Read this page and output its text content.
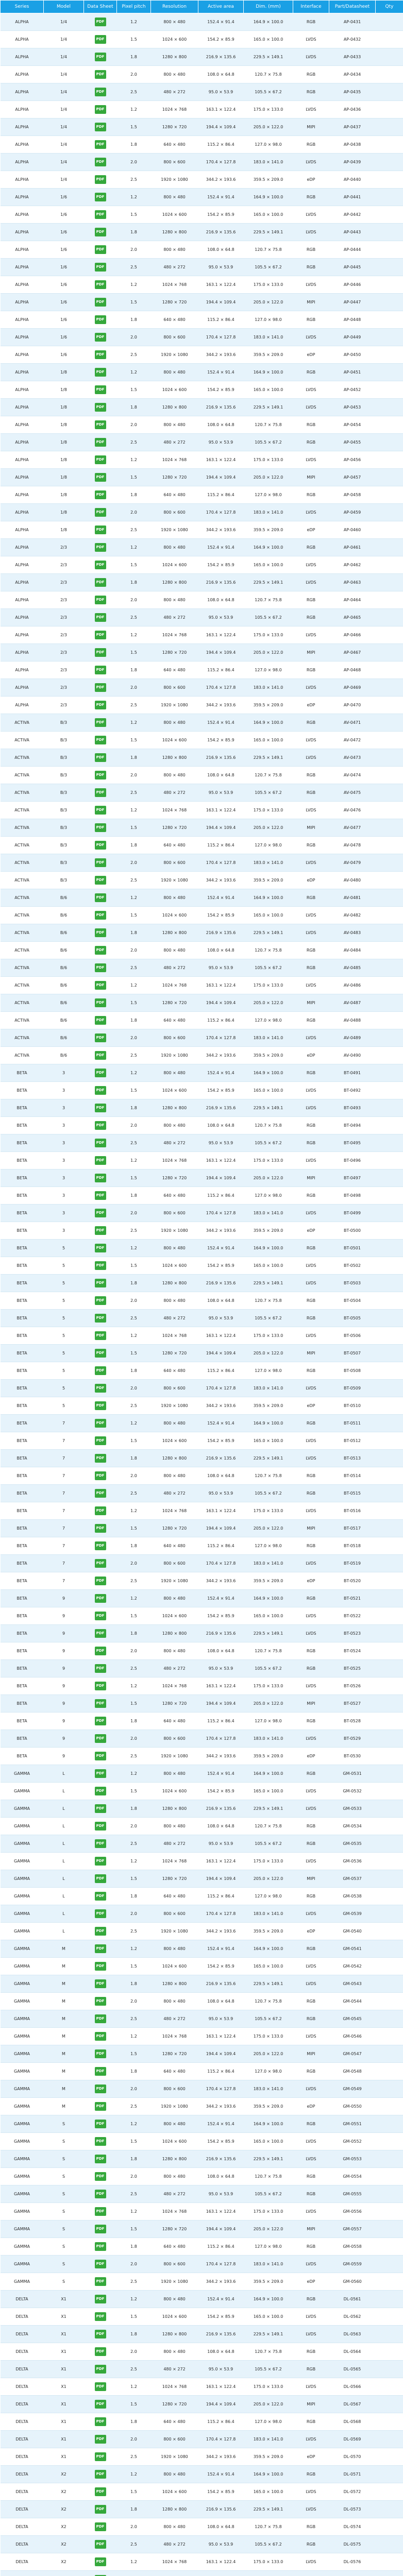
Series	Model	Data Sheet	Pixel pitch	Resolution	Active area	Dim. (mm)	Interface	Part/Datasheet	Qty
ALPHA	1/4	PDF	1.2	800 × 480	152.4 × 91.4	164.9 × 100.0	RGB	AP-0431	
ALPHA	1/4	PDF	1.5	1024 × 600	154.2 × 85.9	165.0 × 100.0	LVDS	AP-0432	
ALPHA	1/4	PDF	1.8	1280 × 800	216.9 × 135.6	229.5 × 149.1	LVDS	AP-0433	
ALPHA	1/4	PDF	2.0	800 × 480	108.0 × 64.8	120.7 × 75.8	RGB	AP-0434	
ALPHA	1/4	PDF	2.5	480 × 272	95.0 × 53.9	105.5 × 67.2	RGB	AP-0435	
ALPHA	1/4	PDF	1.2	1024 × 768	163.1 × 122.4	175.0 × 133.0	LVDS	AP-0436	
ALPHA	1/4	PDF	1.5	1280 × 720	194.4 × 109.4	205.0 × 122.0	MIPI	AP-0437	
ALPHA	1/4	PDF	1.8	640 × 480	115.2 × 86.4	127.0 × 98.0	RGB	AP-0438	
ALPHA	1/4	PDF	2.0	800 × 600	170.4 × 127.8	183.0 × 141.0	LVDS	AP-0439	
ALPHA	1/4	PDF	2.5	1920 × 1080	344.2 × 193.6	359.5 × 209.0	eDP	AP-0440	
ALPHA	1/6	PDF	1.2	800 × 480	152.4 × 91.4	164.9 × 100.0	RGB	AP-0441	
ALPHA	1/6	PDF	1.5	1024 × 600	154.2 × 85.9	165.0 × 100.0	LVDS	AP-0442	
ALPHA	1/6	PDF	1.8	1280 × 800	216.9 × 135.6	229.5 × 149.1	LVDS	AP-0443	
ALPHA	1/6	PDF	2.0	800 × 480	108.0 × 64.8	120.7 × 75.8	RGB	AP-0444	
ALPHA	1/6	PDF	2.5	480 × 272	95.0 × 53.9	105.5 × 67.2	RGB	AP-0445	
ALPHA	1/6	PDF	1.2	1024 × 768	163.1 × 122.4	175.0 × 133.0	LVDS	AP-0446	
ALPHA	1/6	PDF	1.5	1280 × 720	194.4 × 109.4	205.0 × 122.0	MIPI	AP-0447	
ALPHA	1/6	PDF	1.8	640 × 480	115.2 × 86.4	127.0 × 98.0	RGB	AP-0448	
ALPHA	1/6	PDF	2.0	800 × 600	170.4 × 127.8	183.0 × 141.0	LVDS	AP-0449	
ALPHA	1/6	PDF	2.5	1920 × 1080	344.2 × 193.6	359.5 × 209.0	eDP	AP-0450	
ALPHA	1/8	PDF	1.2	800 × 480	152.4 × 91.4	164.9 × 100.0	RGB	AP-0451	
ALPHA	1/8	PDF	1.5	1024 × 600	154.2 × 85.9	165.0 × 100.0	LVDS	AP-0452	
ALPHA	1/8	PDF	1.8	1280 × 800	216.9 × 135.6	229.5 × 149.1	LVDS	AP-0453	
ALPHA	1/8	PDF	2.0	800 × 480	108.0 × 64.8	120.7 × 75.8	RGB	AP-0454	
ALPHA	1/8	PDF	2.5	480 × 272	95.0 × 53.9	105.5 × 67.2	RGB	AP-0455	
ALPHA	1/8	PDF	1.2	1024 × 768	163.1 × 122.4	175.0 × 133.0	LVDS	AP-0456	
ALPHA	1/8	PDF	1.5	1280 × 720	194.4 × 109.4	205.0 × 122.0	MIPI	AP-0457	
ALPHA	1/8	PDF	1.8	640 × 480	115.2 × 86.4	127.0 × 98.0	RGB	AP-0458	
ALPHA	1/8	PDF	2.0	800 × 600	170.4 × 127.8	183.0 × 141.0	LVDS	AP-0459	
ALPHA	1/8	PDF	2.5	1920 × 1080	344.2 × 193.6	359.5 × 209.0	eDP	AP-0460	
ALPHA	2/3	PDF	1.2	800 × 480	152.4 × 91.4	164.9 × 100.0	RGB	AP-0461	
ALPHA	2/3	PDF	1.5	1024 × 600	154.2 × 85.9	165.0 × 100.0	LVDS	AP-0462	
ALPHA	2/3	PDF	1.8	1280 × 800	216.9 × 135.6	229.5 × 149.1	LVDS	AP-0463	
ALPHA	2/3	PDF	2.0	800 × 480	108.0 × 64.8	120.7 × 75.8	RGB	AP-0464	
ALPHA	2/3	PDF	2.5	480 × 272	95.0 × 53.9	105.5 × 67.2	RGB	AP-0465	
ALPHA	2/3	PDF	1.2	1024 × 768	163.1 × 122.4	175.0 × 133.0	LVDS	AP-0466	
ALPHA	2/3	PDF	1.5	1280 × 720	194.4 × 109.4	205.0 × 122.0	MIPI	AP-0467	
ALPHA	2/3	PDF	1.8	640 × 480	115.2 × 86.4	127.0 × 98.0	RGB	AP-0468	
ALPHA	2/3	PDF	2.0	800 × 600	170.4 × 127.8	183.0 × 141.0	LVDS	AP-0469	
ALPHA	2/3	PDF	2.5	1920 × 1080	344.2 × 193.6	359.5 × 209.0	eDP	AP-0470	
ACTIVA	B/3	PDF	1.2	800 × 480	152.4 × 91.4	164.9 × 100.0	RGB	AV-0471	
ACTIVA	B/3	PDF	1.5	1024 × 600	154.2 × 85.9	165.0 × 100.0	LVDS	AV-0472	
ACTIVA	B/3	PDF	1.8	1280 × 800	216.9 × 135.6	229.5 × 149.1	LVDS	AV-0473	
ACTIVA	B/3	PDF	2.0	800 × 480	108.0 × 64.8	120.7 × 75.8	RGB	AV-0474	
ACTIVA	B/3	PDF	2.5	480 × 272	95.0 × 53.9	105.5 × 67.2	RGB	AV-0475	
ACTIVA	B/3	PDF	1.2	1024 × 768	163.1 × 122.4	175.0 × 133.0	LVDS	AV-0476	
ACTIVA	B/3	PDF	1.5	1280 × 720	194.4 × 109.4	205.0 × 122.0	MIPI	AV-0477	
ACTIVA	B/3	PDF	1.8	640 × 480	115.2 × 86.4	127.0 × 98.0	RGB	AV-0478	
ACTIVA	B/3	PDF	2.0	800 × 600	170.4 × 127.8	183.0 × 141.0	LVDS	AV-0479	
ACTIVA	B/3	PDF	2.5	1920 × 1080	344.2 × 193.6	359.5 × 209.0	eDP	AV-0480	
ACTIVA	B/6	PDF	1.2	800 × 480	152.4 × 91.4	164.9 × 100.0	RGB	AV-0481	
ACTIVA	B/6	PDF	1.5	1024 × 600	154.2 × 85.9	165.0 × 100.0	LVDS	AV-0482	
ACTIVA	B/6	PDF	1.8	1280 × 800	216.9 × 135.6	229.5 × 149.1	LVDS	AV-0483	
ACTIVA	B/6	PDF	2.0	800 × 480	108.0 × 64.8	120.7 × 75.8	RGB	AV-0484	
ACTIVA	B/6	PDF	2.5	480 × 272	95.0 × 53.9	105.5 × 67.2	RGB	AV-0485	
ACTIVA	B/6	PDF	1.2	1024 × 768	163.1 × 122.4	175.0 × 133.0	LVDS	AV-0486	
ACTIVA	B/6	PDF	1.5	1280 × 720	194.4 × 109.4	205.0 × 122.0	MIPI	AV-0487	
ACTIVA	B/6	PDF	1.8	640 × 480	115.2 × 86.4	127.0 × 98.0	RGB	AV-0488	
ACTIVA	B/6	PDF	2.0	800 × 600	170.4 × 127.8	183.0 × 141.0	LVDS	AV-0489	
ACTIVA	B/6	PDF	2.5	1920 × 1080	344.2 × 193.6	359.5 × 209.0	eDP	AV-0490	
BETA	3	PDF	1.2	800 × 480	152.4 × 91.4	164.9 × 100.0	RGB	BT-0491	
BETA	3	PDF	1.5	1024 × 600	154.2 × 85.9	165.0 × 100.0	LVDS	BT-0492	
BETA	3	PDF	1.8	1280 × 800	216.9 × 135.6	229.5 × 149.1	LVDS	BT-0493	
BETA	3	PDF	2.0	800 × 480	108.0 × 64.8	120.7 × 75.8	RGB	BT-0494	
BETA	3	PDF	2.5	480 × 272	95.0 × 53.9	105.5 × 67.2	RGB	BT-0495	
BETA	3	PDF	1.2	1024 × 768	163.1 × 122.4	175.0 × 133.0	LVDS	BT-0496	
BETA	3	PDF	1.5	1280 × 720	194.4 × 109.4	205.0 × 122.0	MIPI	BT-0497	
BETA	3	PDF	1.8	640 × 480	115.2 × 86.4	127.0 × 98.0	RGB	BT-0498	
BETA	3	PDF	2.0	800 × 600	170.4 × 127.8	183.0 × 141.0	LVDS	BT-0499	
BETA	3	PDF	2.5	1920 × 1080	344.2 × 193.6	359.5 × 209.0	eDP	BT-0500	
BETA	5	PDF	1.2	800 × 480	152.4 × 91.4	164.9 × 100.0	RGB	BT-0501	
BETA	5	PDF	1.5	1024 × 600	154.2 × 85.9	165.0 × 100.0	LVDS	BT-0502	
BETA	5	PDF	1.8	1280 × 800	216.9 × 135.6	229.5 × 149.1	LVDS	BT-0503	
BETA	5	PDF	2.0	800 × 480	108.0 × 64.8	120.7 × 75.8	RGB	BT-0504	
BETA	5	PDF	2.5	480 × 272	95.0 × 53.9	105.5 × 67.2	RGB	BT-0505	
BETA	5	PDF	1.2	1024 × 768	163.1 × 122.4	175.0 × 133.0	LVDS	BT-0506	
BETA	5	PDF	1.5	1280 × 720	194.4 × 109.4	205.0 × 122.0	MIPI	BT-0507	
BETA	5	PDF	1.8	640 × 480	115.2 × 86.4	127.0 × 98.0	RGB	BT-0508	
BETA	5	PDF	2.0	800 × 600	170.4 × 127.8	183.0 × 141.0	LVDS	BT-0509	
BETA	5	PDF	2.5	1920 × 1080	344.2 × 193.6	359.5 × 209.0	eDP	BT-0510	
BETA	7	PDF	1.2	800 × 480	152.4 × 91.4	164.9 × 100.0	RGB	BT-0511	
BETA	7	PDF	1.5	1024 × 600	154.2 × 85.9	165.0 × 100.0	LVDS	BT-0512	
BETA	7	PDF	1.8	1280 × 800	216.9 × 135.6	229.5 × 149.1	LVDS	BT-0513	
BETA	7	PDF	2.0	800 × 480	108.0 × 64.8	120.7 × 75.8	RGB	BT-0514	
BETA	7	PDF	2.5	480 × 272	95.0 × 53.9	105.5 × 67.2	RGB	BT-0515	
BETA	7	PDF	1.2	1024 × 768	163.1 × 122.4	175.0 × 133.0	LVDS	BT-0516	
BETA	7	PDF	1.5	1280 × 720	194.4 × 109.4	205.0 × 122.0	MIPI	BT-0517	
BETA	7	PDF	1.8	640 × 480	115.2 × 86.4	127.0 × 98.0	RGB	BT-0518	
BETA	7	PDF	2.0	800 × 600	170.4 × 127.8	183.0 × 141.0	LVDS	BT-0519	
BETA	7	PDF	2.5	1920 × 1080	344.2 × 193.6	359.5 × 209.0	eDP	BT-0520	
BETA	9	PDF	1.2	800 × 480	152.4 × 91.4	164.9 × 100.0	RGB	BT-0521	
BETA	9	PDF	1.5	1024 × 600	154.2 × 85.9	165.0 × 100.0	LVDS	BT-0522	
BETA	9	PDF	1.8	1280 × 800	216.9 × 135.6	229.5 × 149.1	LVDS	BT-0523	
BETA	9	PDF	2.0	800 × 480	108.0 × 64.8	120.7 × 75.8	RGB	BT-0524	
BETA	9	PDF	2.5	480 × 272	95.0 × 53.9	105.5 × 67.2	RGB	BT-0525	
BETA	9	PDF	1.2	1024 × 768	163.1 × 122.4	175.0 × 133.0	LVDS	BT-0526	
BETA	9	PDF	1.5	1280 × 720	194.4 × 109.4	205.0 × 122.0	MIPI	BT-0527	
BETA	9	PDF	1.8	640 × 480	115.2 × 86.4	127.0 × 98.0	RGB	BT-0528	
BETA	9	PDF	2.0	800 × 600	170.4 × 127.8	183.0 × 141.0	LVDS	BT-0529	
BETA	9	PDF	2.5	1920 × 1080	344.2 × 193.6	359.5 × 209.0	eDP	BT-0530	
GAMMA	L	PDF	1.2	800 × 480	152.4 × 91.4	164.9 × 100.0	RGB	GM-0531	
GAMMA	L	PDF	1.5	1024 × 600	154.2 × 85.9	165.0 × 100.0	LVDS	GM-0532	
GAMMA	L	PDF	1.8	1280 × 800	216.9 × 135.6	229.5 × 149.1	LVDS	GM-0533	
GAMMA	L	PDF	2.0	800 × 480	108.0 × 64.8	120.7 × 75.8	RGB	GM-0534	
GAMMA	L	PDF	2.5	480 × 272	95.0 × 53.9	105.5 × 67.2	RGB	GM-0535	
GAMMA	L	PDF	1.2	1024 × 768	163.1 × 122.4	175.0 × 133.0	LVDS	GM-0536	
GAMMA	L	PDF	1.5	1280 × 720	194.4 × 109.4	205.0 × 122.0	MIPI	GM-0537	
GAMMA	L	PDF	1.8	640 × 480	115.2 × 86.4	127.0 × 98.0	RGB	GM-0538	
GAMMA	L	PDF	2.0	800 × 600	170.4 × 127.8	183.0 × 141.0	LVDS	GM-0539	
GAMMA	L	PDF	2.5	1920 × 1080	344.2 × 193.6	359.5 × 209.0	eDP	GM-0540	
GAMMA	M	PDF	1.2	800 × 480	152.4 × 91.4	164.9 × 100.0	RGB	GM-0541	
GAMMA	M	PDF	1.5	1024 × 600	154.2 × 85.9	165.0 × 100.0	LVDS	GM-0542	
GAMMA	M	PDF	1.8	1280 × 800	216.9 × 135.6	229.5 × 149.1	LVDS	GM-0543	
GAMMA	M	PDF	2.0	800 × 480	108.0 × 64.8	120.7 × 75.8	RGB	GM-0544	
GAMMA	M	PDF	2.5	480 × 272	95.0 × 53.9	105.5 × 67.2	RGB	GM-0545	
GAMMA	M	PDF	1.2	1024 × 768	163.1 × 122.4	175.0 × 133.0	LVDS	GM-0546	
GAMMA	M	PDF	1.5	1280 × 720	194.4 × 109.4	205.0 × 122.0	MIPI	GM-0547	
GAMMA	M	PDF	1.8	640 × 480	115.2 × 86.4	127.0 × 98.0	RGB	GM-0548	
GAMMA	M	PDF	2.0	800 × 600	170.4 × 127.8	183.0 × 141.0	LVDS	GM-0549	
GAMMA	M	PDF	2.5	1920 × 1080	344.2 × 193.6	359.5 × 209.0	eDP	GM-0550	
GAMMA	S	PDF	1.2	800 × 480	152.4 × 91.4	164.9 × 100.0	RGB	GM-0551	
GAMMA	S	PDF	1.5	1024 × 600	154.2 × 85.9	165.0 × 100.0	LVDS	GM-0552	
GAMMA	S	PDF	1.8	1280 × 800	216.9 × 135.6	229.5 × 149.1	LVDS	GM-0553	
GAMMA	S	PDF	2.0	800 × 480	108.0 × 64.8	120.7 × 75.8	RGB	GM-0554	
GAMMA	S	PDF	2.5	480 × 272	95.0 × 53.9	105.5 × 67.2	RGB	GM-0555	
GAMMA	S	PDF	1.2	1024 × 768	163.1 × 122.4	175.0 × 133.0	LVDS	GM-0556	
GAMMA	S	PDF	1.5	1280 × 720	194.4 × 109.4	205.0 × 122.0	MIPI	GM-0557	
GAMMA	S	PDF	1.8	640 × 480	115.2 × 86.4	127.0 × 98.0	RGB	GM-0558	
GAMMA	S	PDF	2.0	800 × 600	170.4 × 127.8	183.0 × 141.0	LVDS	GM-0559	
GAMMA	S	PDF	2.5	1920 × 1080	344.2 × 193.6	359.5 × 209.0	eDP	GM-0560	
DELTA	X1	PDF	1.2	800 × 480	152.4 × 91.4	164.9 × 100.0	RGB	DL-0561	
DELTA	X1	PDF	1.5	1024 × 600	154.2 × 85.9	165.0 × 100.0	LVDS	DL-0562	
DELTA	X1	PDF	1.8	1280 × 800	216.9 × 135.6	229.5 × 149.1	LVDS	DL-0563	
DELTA	X1	PDF	2.0	800 × 480	108.0 × 64.8	120.7 × 75.8	RGB	DL-0564	
DELTA	X1	PDF	2.5	480 × 272	95.0 × 53.9	105.5 × 67.2	RGB	DL-0565	
DELTA	X1	PDF	1.2	1024 × 768	163.1 × 122.4	175.0 × 133.0	LVDS	DL-0566	
DELTA	X1	PDF	1.5	1280 × 720	194.4 × 109.4	205.0 × 122.0	MIPI	DL-0567	
DELTA	X1	PDF	1.8	640 × 480	115.2 × 86.4	127.0 × 98.0	RGB	DL-0568	
DELTA	X1	PDF	2.0	800 × 600	170.4 × 127.8	183.0 × 141.0	LVDS	DL-0569	
DELTA	X1	PDF	2.5	1920 × 1080	344.2 × 193.6	359.5 × 209.0	eDP	DL-0570	
DELTA	X2	PDF	1.2	800 × 480	152.4 × 91.4	164.9 × 100.0	RGB	DL-0571	
DELTA	X2	PDF	1.5	1024 × 600	154.2 × 85.9	165.0 × 100.0	LVDS	DL-0572	
DELTA	X2	PDF	1.8	1280 × 800	216.9 × 135.6	229.5 × 149.1	LVDS	DL-0573	
DELTA	X2	PDF	2.0	800 × 480	108.0 × 64.8	120.7 × 75.8	RGB	DL-0574	
DELTA	X2	PDF	2.5	480 × 272	95.0 × 53.9	105.5 × 67.2	RGB	DL-0575	
DELTA	X2	PDF	1.2	1024 × 768	163.1 × 122.4	175.0 × 133.0	LVDS	DL-0576	
